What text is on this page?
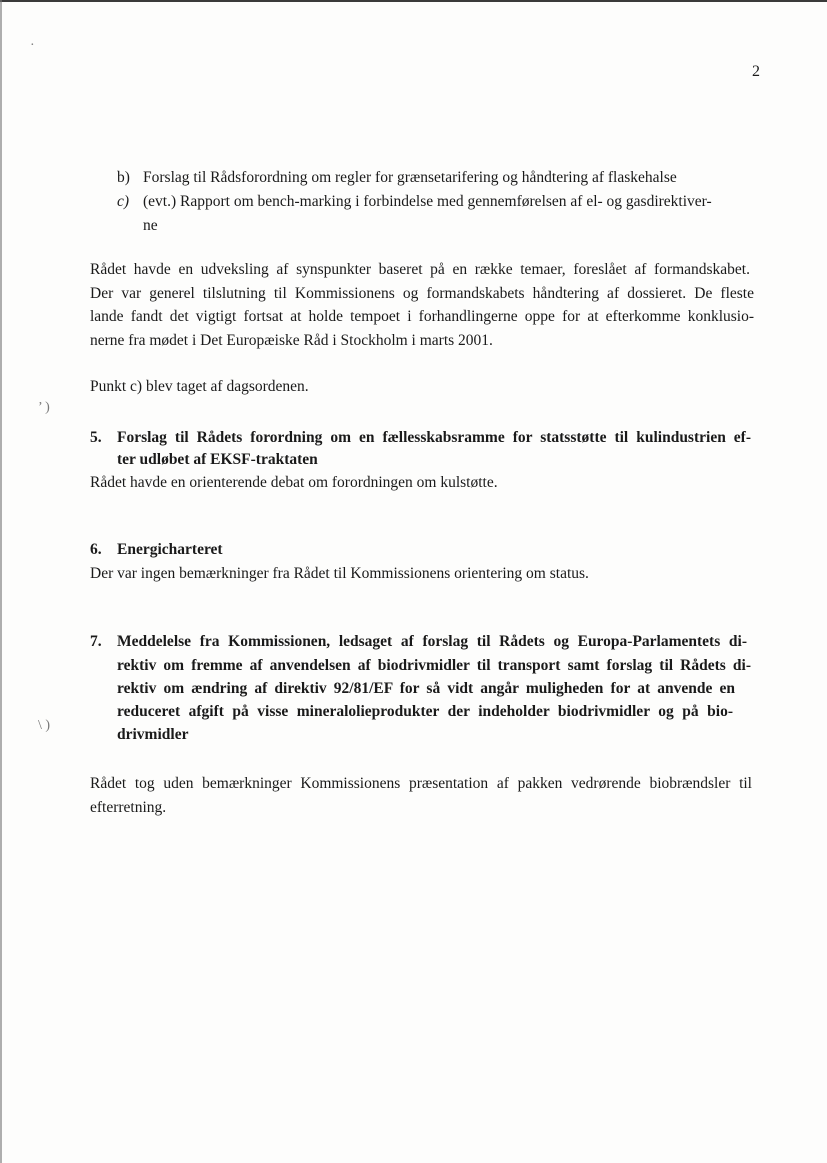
·
’ )
\ )
2
b) Forslag til Rådsforordning om regler for grænsetarifering og håndtering af flaskehalse
c) (evt.) Rapport om bench-marking i forbindelse med gennemførelsen af el- og gasdirektiver-
ne
Rådet havde en udveksling af synspunkter baseret på en række temaer, foreslået af formandskabet.
Der var generel tilslutning til Kommissionens og formandskabets håndtering af dossieret. De fleste
lande fandt det vigtigt fortsat at holde tempoet i forhandlingerne oppe for at efterkomme konklusio-
nerne fra mødet i Det Europæiske Råd i Stockholm i marts 2001.
Punkt c) blev taget af dagsordenen.
5. Forslag til Rådets forordning om en fællesskabsramme for statsstøtte til kulindustrien ef-
ter udløbet af EKSF-traktaten
Rådet havde en orienterende debat om forordningen om kulstøtte.
6. Energicharteret
Der var ingen bemærkninger fra Rådet til Kommissionens orientering om status.
7. Meddelelse fra Kommissionen, ledsaget af forslag til Rådets og Europa-Parlamentets di-
rektiv om fremme af anvendelsen af biodrivmidler til transport samt forslag til Rådets di-
rektiv om ændring af direktiv 92/81/EF for så vidt angår muligheden for at anvende en
reduceret afgift på visse mineralolieprodukter der indeholder biodrivmidler og på bio-
drivmidler
Rådet tog uden bemærkninger Kommissionens præsentation af pakken vedrørende biobrændsler til
efterretning.
